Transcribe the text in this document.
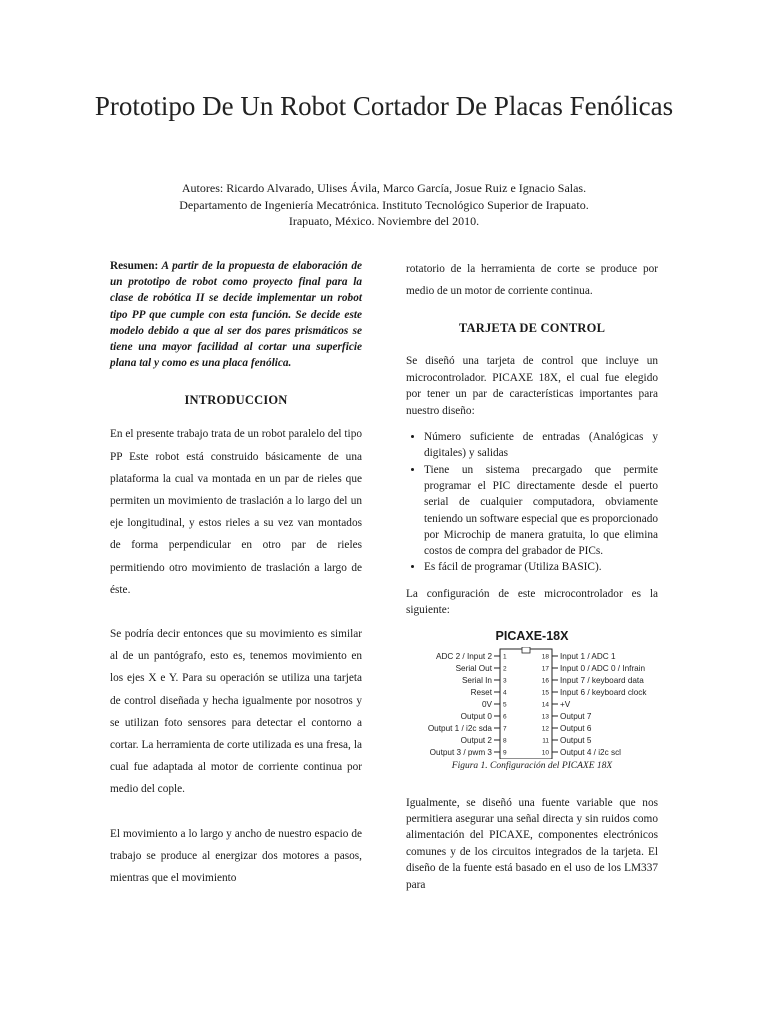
Prototipo De Un Robot Cortador De Placas Fenólicas
Autores: Ricardo Alvarado, Ulises Ávila, Marco García, Josue Ruiz e Ignacio Salas.
Departamento de Ingeniería Mecatrónica. Instituto Tecnológico Superior de Irapuato.
Irapuato, México. Noviembre del 2010.

Resumen: A partir de la propuesta de elaboración de un prototipo de robot como proyecto final para la clase de robótica II se decide implementar un robot tipo PP que cumple con esta función. Se decide este modelo debido a que al ser dos pares prismáticos se tiene una mayor facilidad al cortar una superficie plana tal y como es una placa fenólica.

INTRODUCCION

En el presente trabajo trata de un robot paralelo del tipo PP Este robot está construido básicamente de una plataforma la cual va montada en un par de rieles que permiten un movimiento de traslación a lo largo del un eje longitudinal, y estos rieles a su vez van montados de forma perpendicular en otro par de rieles permitiendo otro movimiento de traslación a largo de éste.

Se podría decir entonces que su movimiento es similar al de un pantógrafo, esto es, tenemos movimiento en los ejes X e Y. Para su operación se utiliza una tarjeta de control diseñada y hecha igualmente por nosotros y se utilizan foto sensores para detectar el contorno a cortar. La herramienta de corte utilizada es una fresa, la cual fue adaptada al motor de corriente continua por medio del cople.

El movimiento a lo largo y ancho de nuestro espacio de trabajo se produce al energizar dos motores a pasos, mientras que el movimiento

rotatorio de la herramienta de corte se produce por medio de un motor de corriente continua.

TARJETA DE CONTROL

Se diseñó una tarjeta de control que incluye un microcontrolador. PICAXE 18X, el cual fue elegido por tener un par de características importantes para nuestro diseño:

• Número suficiente de entradas (Analógicas y digitales) y salidas
• Tiene un sistema precargado que permite programar el PIC directamente desde el puerto serial de cualquier computadora, obviamente teniendo un software especial que es proporcionado por Microchip de manera gratuita, lo que elimina costos de compra del grabador de PICs.
• Es fácil de programar (Utiliza BASIC).

La configuración de este microcontrolador es la siguiente:

PICAXE-18X

1
ADC 2 / Input 2
2
Serial Out
3
Serial In
4
Reset
5
0V
6
Output 0
7
Output 1 / i2c sda
8
Output 2
9
Output 3 / pwm 3
18 Input 1 / ADC 1
17 Input 0 / ADC 0 / Infrain
16 Input 7 / keyboard data
15 Input 6 / keyboard clock
14 +V
13 Output 7
12 Output 6
11 Output 5
10 Output 4 / i2c scl

Figura 1. Configuración del PICAXE 18X

Igualmente, se diseñó una fuente variable que nos permitiera asegurar una señal directa y sin ruidos como alimentación del PICAXE, componentes electrónicos comunes y de los circuitos integrados de la tarjeta. El diseño de la fuente está basado en el uso de los LM337 para
